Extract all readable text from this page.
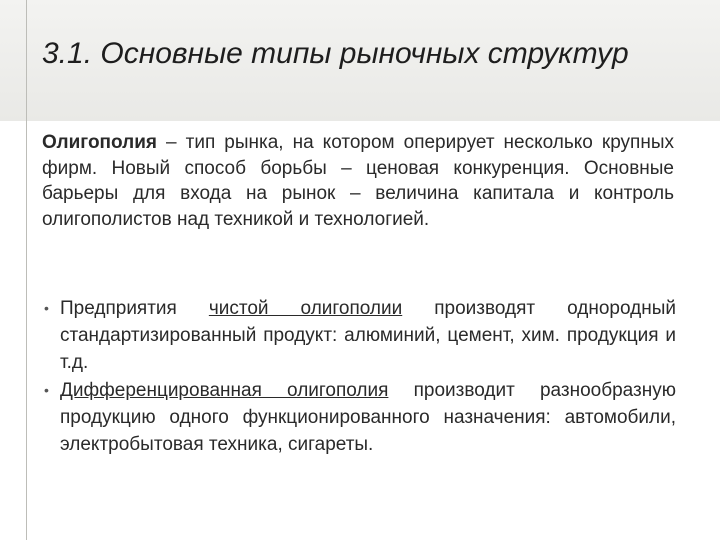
3.1. Основные типы рыночных структур

Олигополия – тип рынка, на котором оперирует несколько крупных фирм. Новый способ борьбы – ценовая конкуренция. Основные барьеры для входа на рынок – величина капитала и контроль олигополистов над техникой и технологией.

• Предприятия чистой олигополии производят однородный стандартизированный продукт: алюминий, цемент, хим. продукция и т.д.
• Дифференцированная олигополия производит разнообразную продукцию одного функционированного назначения: автомобили, электробытовая техника, сигареты.
